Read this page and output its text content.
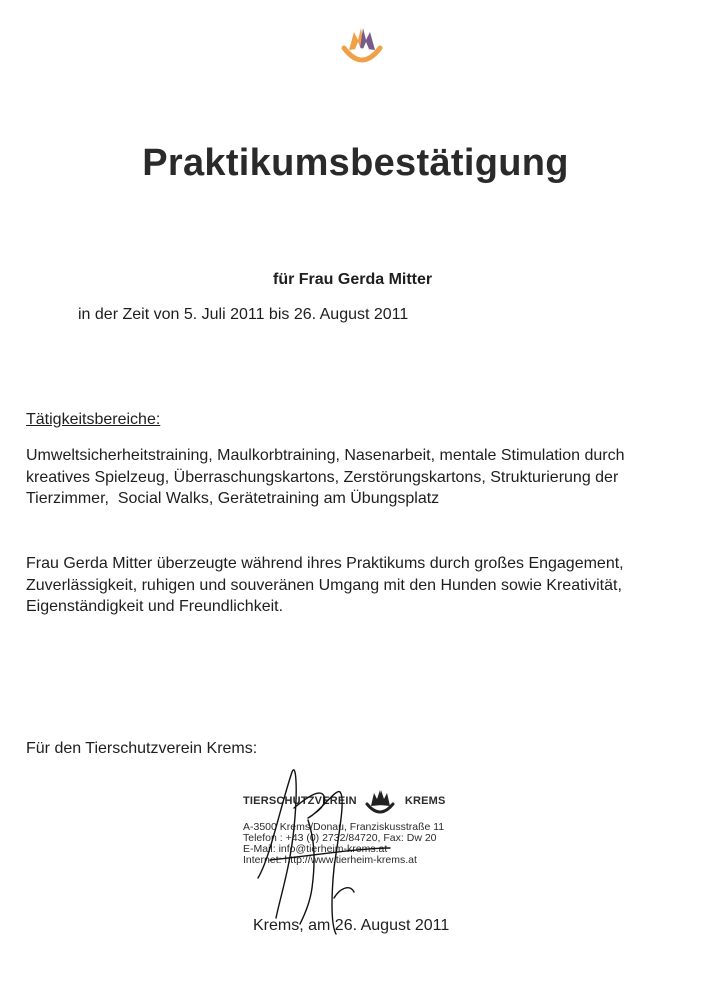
Praktikumsbestätigung
für Frau Gerda Mitter
in der Zeit von 5. Juli 2011 bis 26. August 2011
Tätigkeitsbereiche:
Umweltsicherheitstraining, Maulkorbtraining, Nasenarbeit, mentale Stimulation durch
kreatives Spielzeug, Überraschungskartons, Zerstörungskartons, Strukturierung der
Tierzimmer,  Social Walks, Gerätetraining am Übungsplatz
Frau Gerda Mitter überzeugte während ihres Praktikums durch großes Engagement,
Zuverlässigkeit, ruhigen und souveränen Umgang mit den Hunden sowie Kreativität,
Eigenständigkeit und Freundlichkeit.
Für den Tierschutzverein Krems:
TIERSCHUTZVEREIN	KREMS
A-3500 Krems/Donau, Franziskusstraße 11
Telefon : +43 (0) 2732/84720, Fax: Dw 20
E-Mail: info@tierheim-krems.at
Internet: http://www.tierheim-krems.at
Krems, am 26. August 2011
